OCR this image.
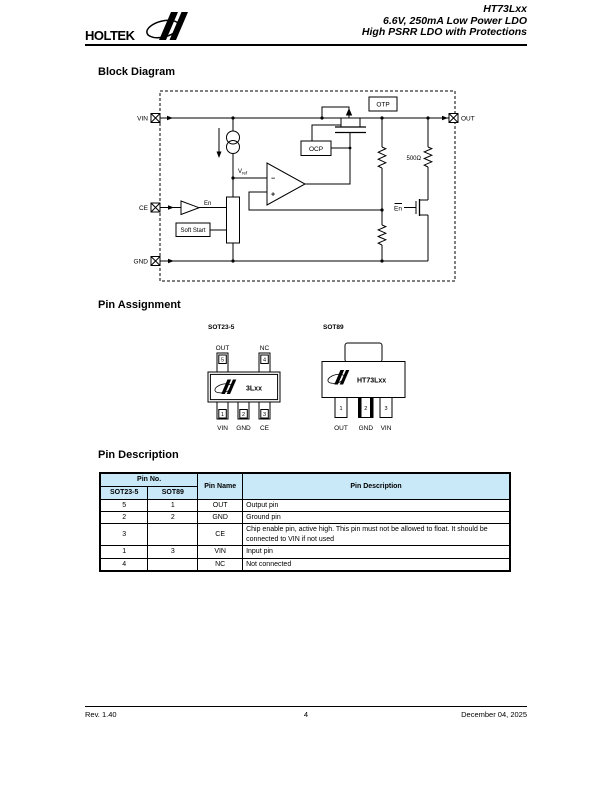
HOLTEK
HT73Lxx
6.6V, 250mA Low Power LDO
High PSRR LDO with Protections
Block Diagram
Pin Assignment
Pin Description
VIN	OUT
CE
GND
Vref
En
Soft Start
−
+
OCP
OTP
500Ω
En
SOT23-5
OUT	NC
5	4
3Lxx
1	2	3
VIN GND CE
SOT89
HT73Lxx
1	2	3
OUT GND VIN
Pin No.		Pin Name	Pin Description
SOT23-5	SOT89		
5	1	OUT	Output pin
2	2	GND	Ground pin
3		CE	Chip enable pin, active high. This pin must not be allowed to float. It should be connected to VIN if not used
1	3	VIN	Input pin
4		NC	Not connected
Rev. 1.40	4	December 04, 2025
